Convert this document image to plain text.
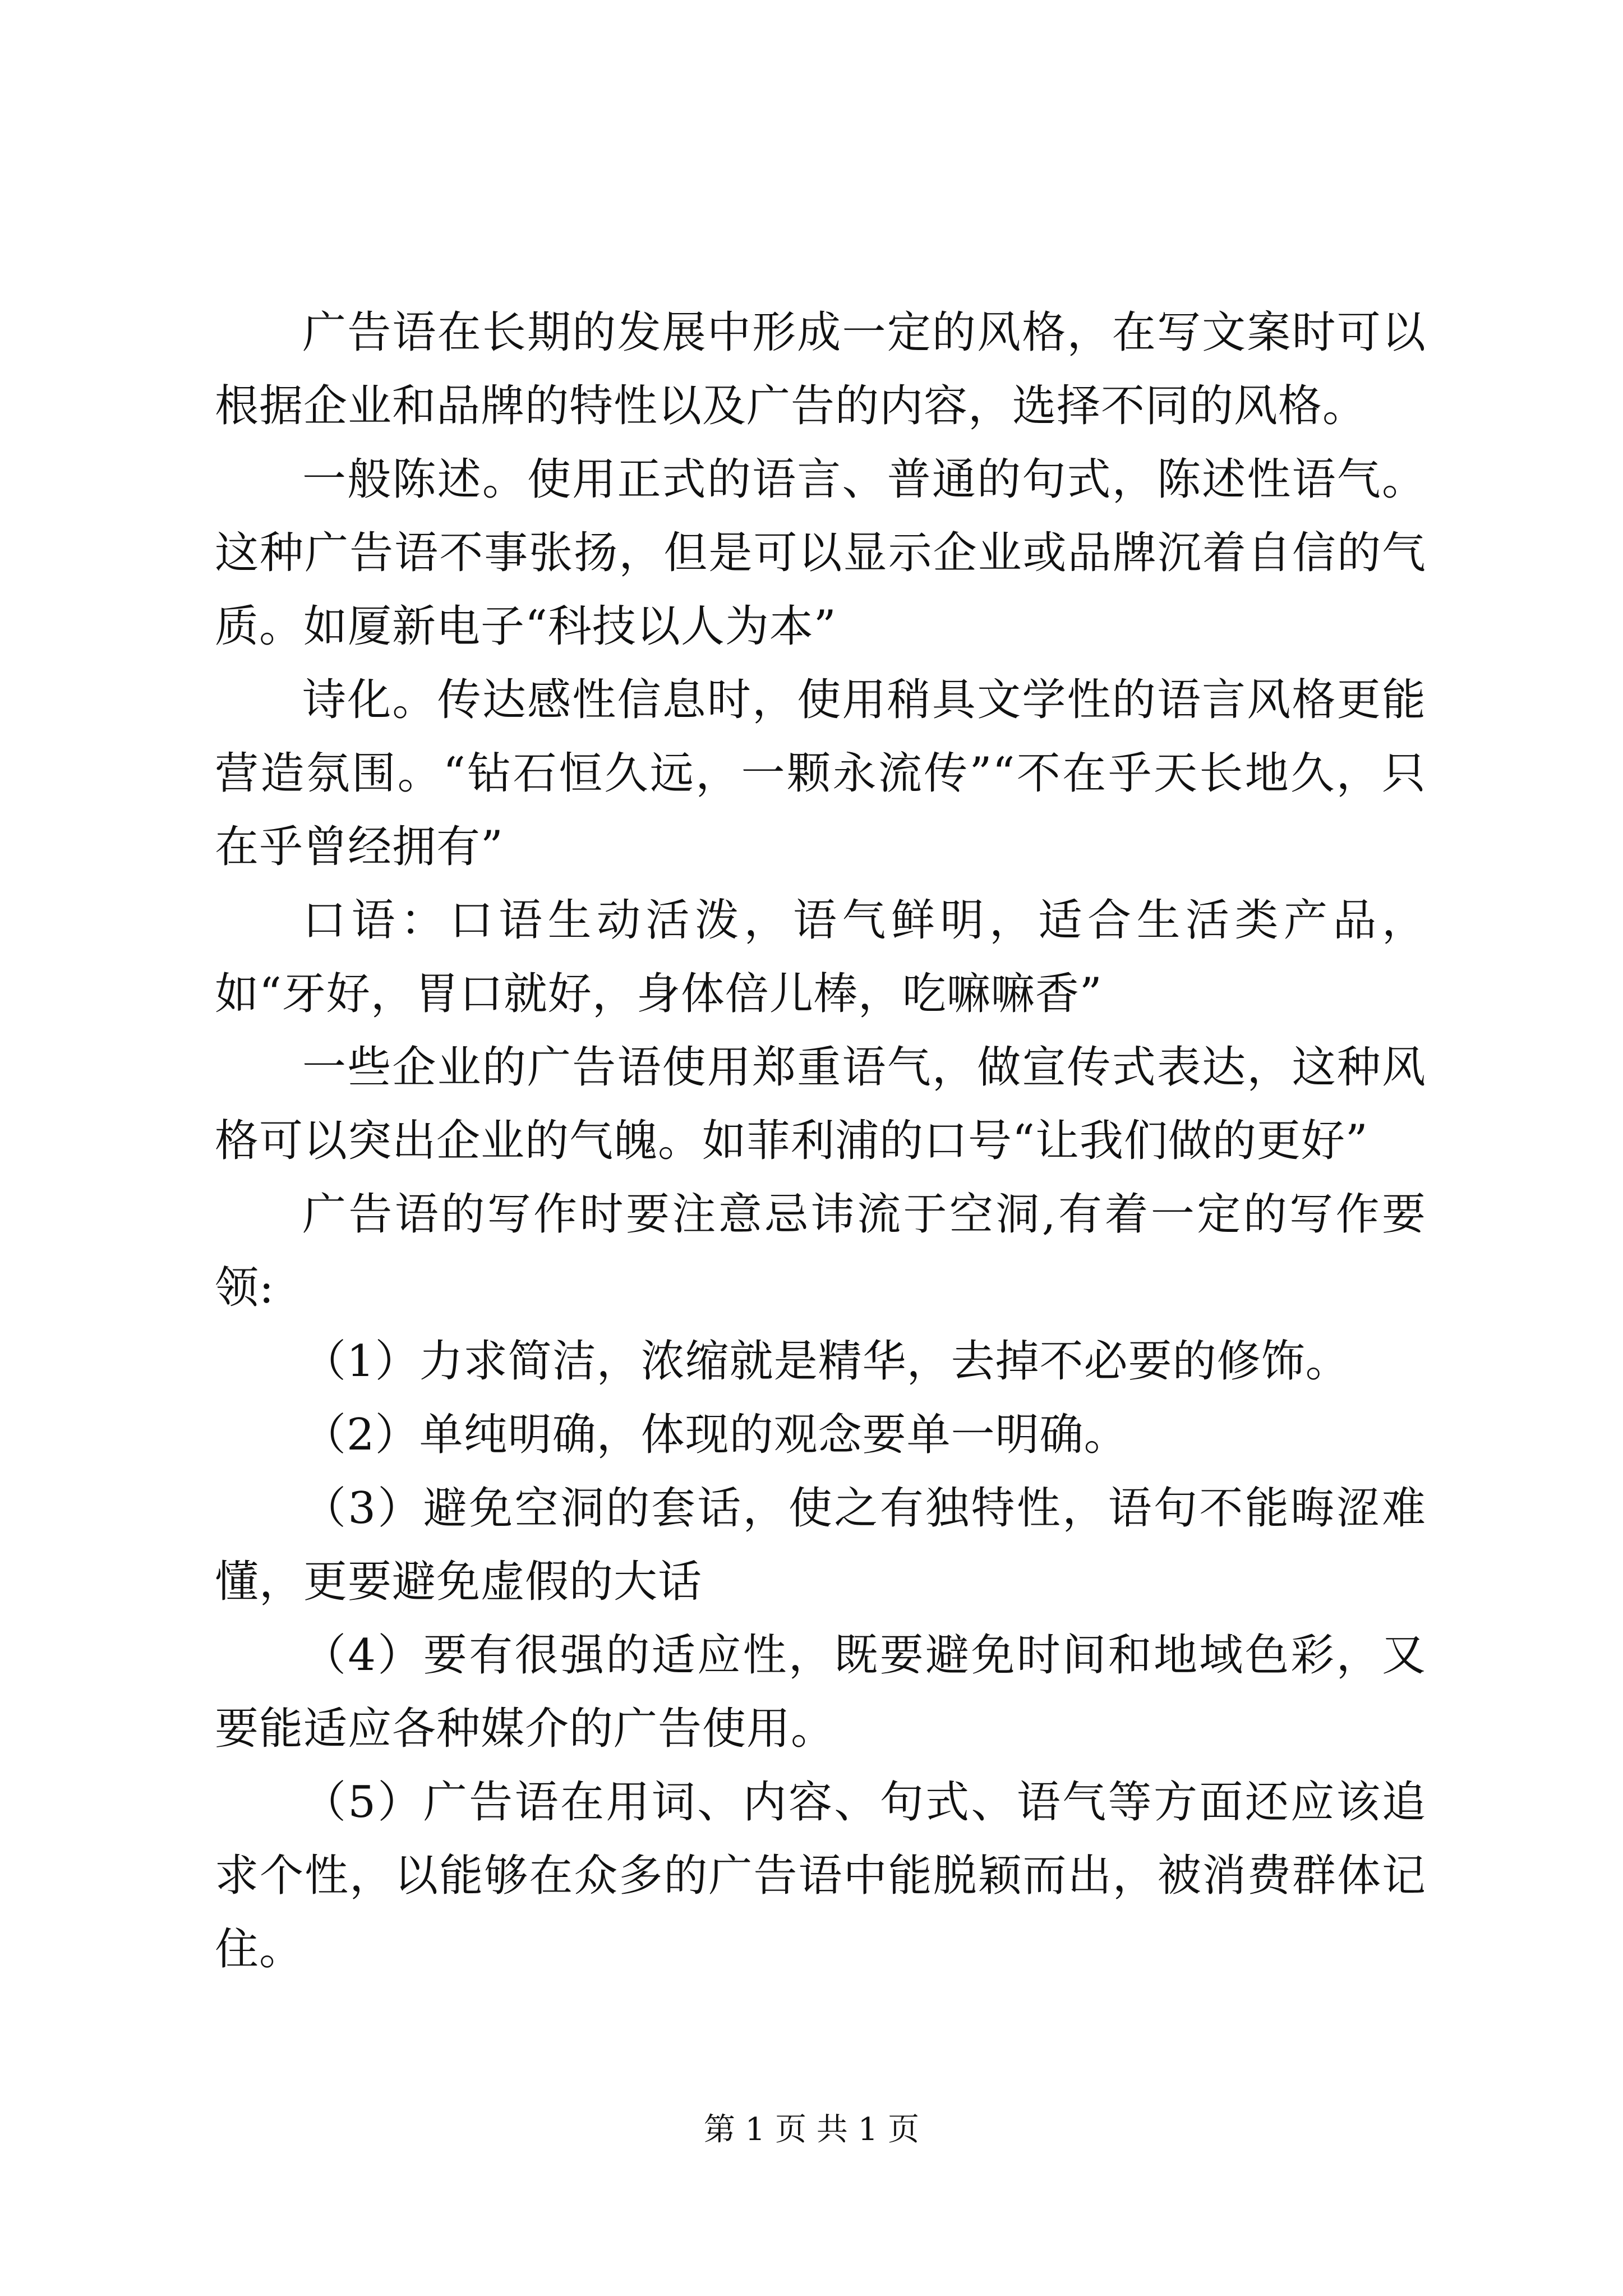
广告语在长期的发展中形成一定的风格，在写文案时可以根据企业和品牌的特性以及广告的内容，选择不同的风格。

一般陈述。使用正式的语言、普通的句式，陈述性语气。这种广告语不事张扬，但是可以显示企业或品牌沉着自信的气质。如厦新电子“科技以人为本”

诗化。传达感性信息时，使用稍具文学性的语言风格更能营造氛围。“钻石恒久远，一颗永流传”“不在乎天长地久，只在乎曾经拥有”

口语：口语生动活泼，语气鲜明，适合生活类产品，如“牙好，胃口就好，身体倍儿棒，吃嘛嘛香”

一些企业的广告语使用郑重语气，做宣传式表达，这种风格可以突出企业的气魄。如菲利浦的口号“让我们做的更好”

广告语的写作时要注意忌讳流于空洞,有着一定的写作要领:

（1）力求简洁，浓缩就是精华，去掉不必要的修饰。

（2）单纯明确，体现的观念要单一明确。

（3）避免空洞的套话，使之有独特性，语句不能晦涩难懂，更要避免虚假的大话

（4）要有很强的适应性，既要避免时间和地域色彩，又要能适应各种媒介的广告使用。

（5）广告语在用词、内容、句式、语气等方面还应该追求个性，以能够在众多的广告语中能脱颖而出，被消费群体记住。

第 1 页 共 1 页
